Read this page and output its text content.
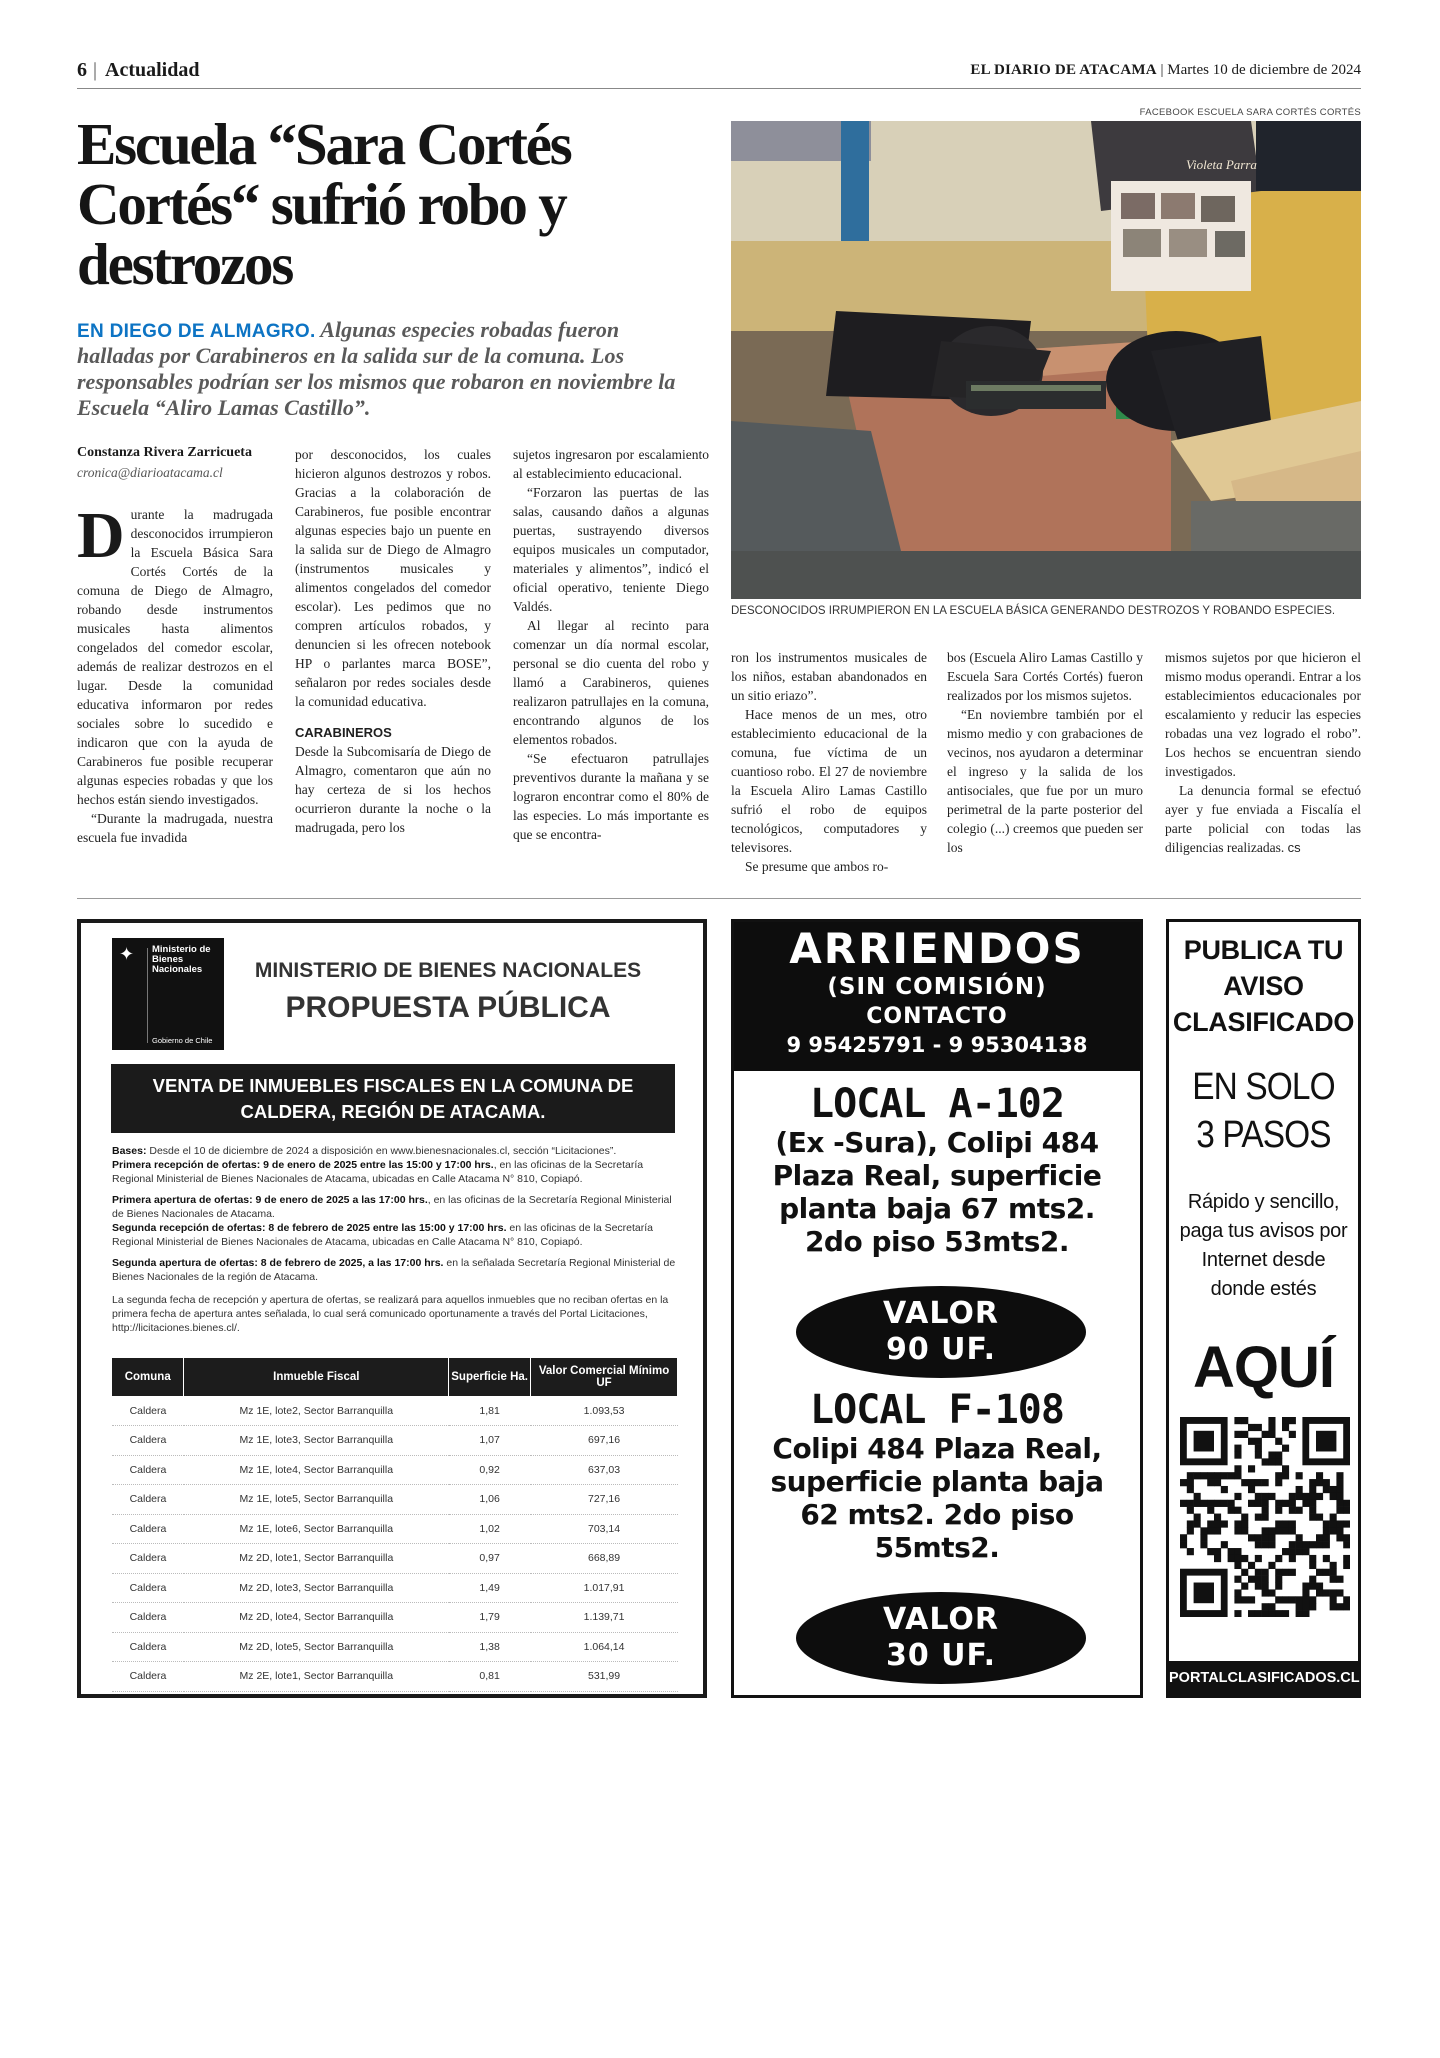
6 | Actualidad	EL DIARIO DE ATACAMA | Martes 10 de diciembre de 2024
Escuela “Sara Cortés Cortés“ sufrió robo y destrozos
EN DIEGO DE ALMAGRO. Algunas especies robadas fueron halladas por Carabineros en la salida sur de la comuna. Los responsables podrían ser los mismos que robaron en noviembre la Escuela “Aliro Lamas Castillo”.
FACEBOOK ESCUELA SARA CORTÉS CORTÉS
Violeta Parra
DESCONOCIDOS IRRUMPIERON EN LA ESCUELA BÁSICA GENERANDO DESTROZOS Y ROBANDO ESPECIES.
Constanza Rivera Zarricueta
cronica@diarioatacama.cl

Durante la madrugada desconocidos irrumpieron la Escuela Básica Sara Cortés Cortés de la comuna de Diego de Almagro, robando desde instrumentos musicales hasta alimentos congelados del comedor escolar, además de realizar destrozos en el lugar. Desde la comunidad educativa informaron por redes sociales sobre lo sucedido e indicaron que con la ayuda de Carabineros fue posible recuperar algunas especies robadas y que los hechos están siendo investigados.

“Durante la madrugada, nuestra escuela fue invadida

por desconocidos, los cuales hicieron algunos destrozos y robos. Gracias a la colaboración de Carabineros, fue posible encontrar algunas especies bajo un puente en la salida sur de Diego de Almagro (instrumentos musicales y alimentos congelados del comedor escolar). Les pedimos que no compren artículos robados, y denuncien si les ofrecen notebook HP o parlantes marca BOSE”, señalaron por redes sociales desde la comunidad educativa.

CARABINEROS

Desde la Subcomisaría de Diego de Almagro, comentaron que aún no hay certeza de si los hechos ocurrieron durante la noche o la madrugada, pero los

sujetos ingresaron por escalamiento al establecimiento educacional.

“Forzaron las puertas de las salas, causando daños a algunas puertas, sustrayendo diversos equipos musicales un computador, materiales y alimentos”, indicó el oficial operativo, teniente Diego Valdés.

Al llegar al recinto para comenzar un día normal escolar, personal se dio cuenta del robo y llamó a Carabineros, quienes realizaron patrullajes en la comuna, encontrando algunos de los elementos robados.

“Se efectuaron patrullajes preventivos durante la mañana y se lograron encontrar como el 80% de las especies. Lo más importante es que se encontra-

ron los instrumentos musicales de los niños, estaban abandonados en un sitio eriazo”.

Hace menos de un mes, otro establecimiento educacional de la comuna, fue víctima de un cuantioso robo. El 27 de noviembre la Escuela Aliro Lamas Castillo sufrió el robo de equipos tecnológicos, computadores y televisores.

Se presume que ambos ro-

bos (Escuela Aliro Lamas Castillo y Escuela Sara Cortés Cortés) fueron realizados por los mismos sujetos.

“En noviembre también por el mismo medio y con grabaciones de vecinos, nos ayudaron a determinar el ingreso y la salida de los antisociales, que fue por un muro perimetral de la parte posterior del colegio (...) creemos que pueden ser los

mismos sujetos por que hicieron el mismo modus operandi. Entrar a los establecimientos educacionales por escalamiento y reducir las especies robadas una vez logrado el robo”. Los hechos se encuentran siendo investigados.

La denuncia formal se efectuó ayer y fue enviada a Fiscalía el parte policial con todas las diligencias realizadas. cs

✦ Ministerio de Bienes Nacionales
Gobierno de Chile
MINISTERIO DE BIENES NACIONALES
PROPUESTA PÚBLICA
VENTA DE INMUEBLES FISCALES EN LA COMUNA DE CALDERA, REGIÓN DE ATACAMA.

Bases: Desde el 10 de diciembre de 2024 a disposición en www.bienesnacionales.cl, sección “Licitaciones”.

Primera recepción de ofertas: 9 de enero de 2025 entre las 15:00 y 17:00 hrs., en las oficinas de la Secretaría Regional Ministerial de Bienes Nacionales de Atacama, ubicadas en Calle Atacama N° 810, Copiapó.

Primera apertura de ofertas: 9 de enero de 2025 a las 17:00 hrs., en las oficinas de la Secretaría Regional Ministerial de Bienes Nacionales de Atacama.

Segunda recepción de ofertas: 8 de febrero de 2025 entre las 15:00 y 17:00 hrs. en las oficinas de la Secretaría Regional Ministerial de Bienes Nacionales de Atacama, ubicadas en Calle Atacama N° 810, Copiapó.

Segunda apertura de ofertas: 8 de febrero de 2025, a las 17:00 hrs. en la señalada Secretaría Regional Ministerial de Bienes Nacionales de la región de Atacama.

La segunda fecha de recepción y apertura de ofertas, se realizará para aquellos inmuebles que no reciban ofertas en la primera fecha de apertura antes señalada, lo cual será comunicado oportunamente a través del Portal Licitaciones, http://licitaciones.bienes.cl/.

Comuna	Inmueble Fiscal	Superficie Ha.	Valor Comercial Mínimo UF
Caldera	Mz 1E, lote2, Sector Barranquilla	1,81	1.093,53
Caldera	Mz 1E, lote3, Sector Barranquilla	1,07	697,16
Caldera	Mz 1E, lote4, Sector Barranquilla	0,92	637,03
Caldera	Mz 1E, lote5, Sector Barranquilla	1,06	727,16
Caldera	Mz 1E, lote6, Sector Barranquilla	1,02	703,14
Caldera	Mz 2D, lote1, Sector Barranquilla	0,97	668,89
Caldera	Mz 2D, lote3, Sector Barranquilla	1,49	1.017,91
Caldera	Mz 2D, lote4, Sector Barranquilla	1,79	1.139,71
Caldera	Mz 2D, lote5, Sector Barranquilla	1,38	1.064,14
Caldera	Mz 2E, lote1, Sector Barranquilla	0,81	531,99
ARRIENDOS
(SIN COMISIÓN)
CONTACTO
9 95425791 - 9 95304138
LOCAL A-102
(Ex -Sura), Colipi 484 Plaza Real, superficie planta baja 67 mts2. 2do piso 53mts2.
VALOR
90 UF.
LOCAL F-108
Colipi 484 Plaza Real, superficie planta baja 62 mts2. 2do piso 55mts2.
VALOR
30 UF.
PUBLICA TU AVISO CLASIFICADO
EN SOLO 3 PASOS
Rápido y sencillo, paga tus avisos por Internet desde donde estés
AQUÍ
PORTALCLASIFICADOS.CL
